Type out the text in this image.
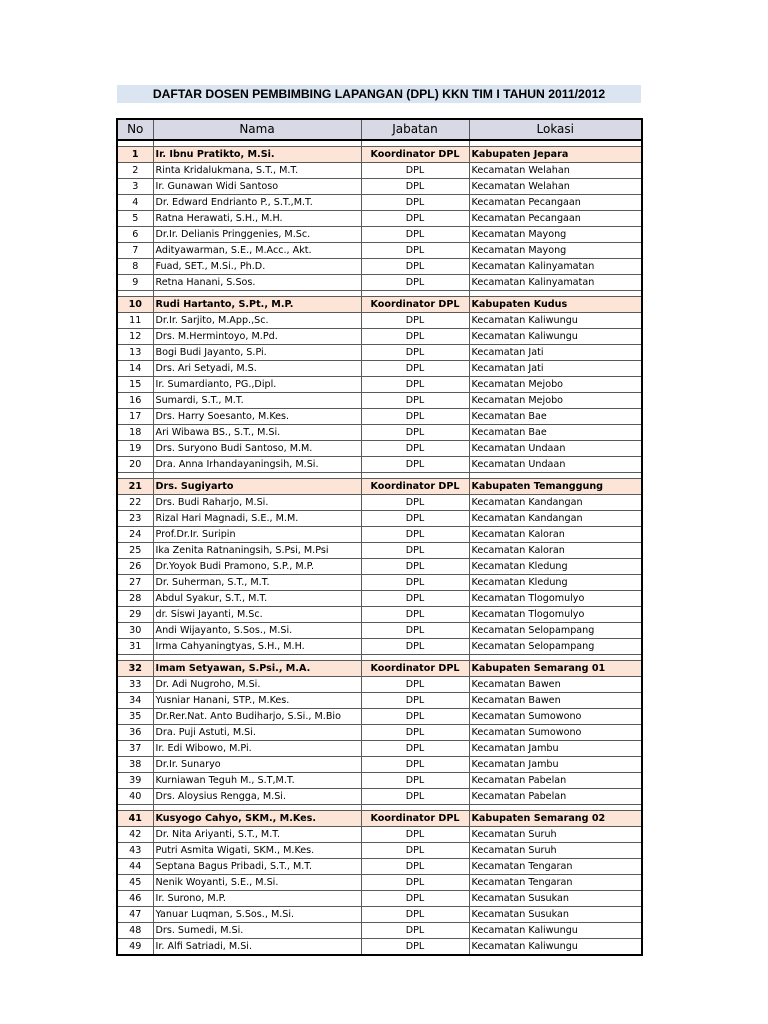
DAFTAR DOSEN PEMBIMBING LAPANGAN (DPL) KKN TIM I TAHUN 2011/2012
No	Nama	Jabatan	Lokasi

1	Ir. Ibnu Pratikto, M.Si.	Koordinator DPL	Kabupaten Jepara
2	Rinta Kridalukmana, S.T., M.T.	DPL	Kecamatan Welahan
3	Ir. Gunawan Widi Santoso	DPL	Kecamatan Welahan
4	Dr. Edward Endrianto P., S.T.,M.T.	DPL	Kecamatan Pecangaan
5	Ratna Herawati, S.H., M.H.	DPL	Kecamatan Pecangaan
6	Dr.Ir. Delianis Pringgenies, M.Sc.	DPL	Kecamatan Mayong
7	Adityawarman, S.E., M.Acc., Akt.	DPL	Kecamatan Mayong
8	Fuad, SET., M.Si., Ph.D.	DPL	Kecamatan Kalinyamatan
9	Retna Hanani, S.Sos.	DPL	Kecamatan Kalinyamatan

10	Rudi Hartanto, S.Pt., M.P.	Koordinator DPL	Kabupaten Kudus
11	Dr.Ir. Sarjito, M.App.,Sc.	DPL	Kecamatan Kaliwungu
12	Drs. M.Hermintoyo, M.Pd.	DPL	Kecamatan Kaliwungu
13	Bogi Budi Jayanto, S.Pi.	DPL	Kecamatan Jati
14	Drs. Ari Setyadi, M.S.	DPL	Kecamatan Jati
15	Ir. Sumardianto, PG.,Dipl.	DPL	Kecamatan Mejobo
16	Sumardi, S.T., M.T.	DPL	Kecamatan Mejobo
17	Drs. Harry Soesanto, M.Kes.	DPL	Kecamatan Bae
18	Ari Wibawa BS., S.T., M.Si.	DPL	Kecamatan Bae
19	Drs. Suryono Budi Santoso, M.M.	DPL	Kecamatan Undaan
20	Dra. Anna Irhandayaningsih, M.Si.	DPL	Kecamatan Undaan

21	Drs. Sugiyarto	Koordinator DPL	Kabupaten Temanggung
22	Drs. Budi Raharjo, M.Si.	DPL	Kecamatan Kandangan
23	Rizal Hari Magnadi, S.E., M.M.	DPL	Kecamatan Kandangan
24	Prof.Dr.Ir. Suripin	DPL	Kecamatan Kaloran
25	Ika Zenita Ratnaningsih, S.Psi, M.Psi	DPL	Kecamatan Kaloran
26	Dr.Yoyok Budi Pramono, S.P., M.P.	DPL	Kecamatan Kledung
27	Dr. Suherman, S.T., M.T.	DPL	Kecamatan Kledung
28	Abdul Syakur, S.T., M.T.	DPL	Kecamatan Tlogomulyo
29	dr. Siswi Jayanti, M.Sc.	DPL	Kecamatan Tlogomulyo
30	Andi Wijayanto, S.Sos., M.Si.	DPL	Kecamatan Selopampang
31	Irma Cahyaningtyas, S.H., M.H.	DPL	Kecamatan Selopampang

32	Imam Setyawan, S.Psi., M.A.	Koordinator DPL	Kabupaten Semarang 01
33	Dr. Adi Nugroho, M.Si.	DPL	Kecamatan Bawen
34	Yusniar Hanani, STP., M.Kes.	DPL	Kecamatan Bawen
35	Dr.Rer.Nat. Anto Budiharjo, S.Si., M.Bio	DPL	Kecamatan Sumowono
36	Dra. Puji Astuti, M.Si.	DPL	Kecamatan Sumowono
37	Ir. Edi Wibowo, M.Pi.	DPL	Kecamatan Jambu
38	Dr.Ir. Sunaryo	DPL	Kecamatan Jambu
39	Kurniawan Teguh M., S.T,M.T.	DPL	Kecamatan Pabelan
40	Drs. Aloysius Rengga, M.Si.	DPL	Kecamatan Pabelan

41	Kusyogo Cahyo, SKM., M.Kes.	Koordinator DPL	Kabupaten Semarang 02
42	Dr. Nita Ariyanti, S.T., M.T.	DPL	Kecamatan Suruh
43	Putri Asmita Wigati, SKM., M.Kes.	DPL	Kecamatan Suruh
44	Septana Bagus Pribadi, S.T., M.T.	DPL	Kecamatan Tengaran
45	Nenik Woyanti, S.E., M.Si.	DPL	Kecamatan Tengaran
46	Ir. Surono, M.P.	DPL	Kecamatan Susukan
47	Yanuar Luqman, S.Sos., M.Si.	DPL	Kecamatan Susukan
48	Drs. Sumedi, M.Si.	DPL	Kecamatan Kaliwungu
49	Ir. Alfi Satriadi, M.Si.	DPL	Kecamatan Kaliwungu
